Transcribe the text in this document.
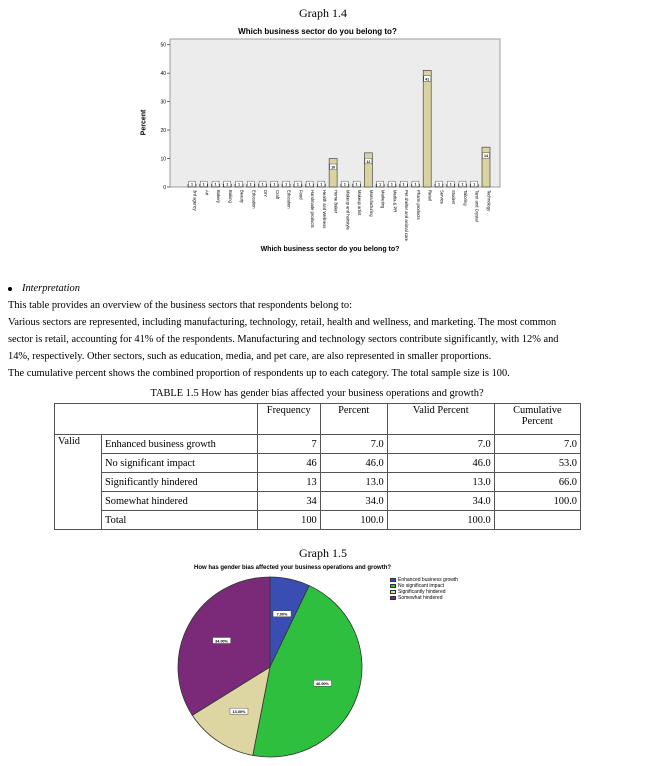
Graph 1.4
Which business sector do you belong to?
Percent
0
10
20
30
40
50
1
3rd agency
1
Art
1
Bakery
1
Baking
1
Beauty
1
Education
1
DIY
1
Craft
1
Education
1
Food
1
Handmade products
1
Health and Wellness
10
Home Baker
1
Makeup and hairstyle
1
Makeup artist
12
Manufacturing
1
Marketing
1
Media & PR
1
Pet shelter and animal care
1
Pharm products
41
Retail
1
Service
1
Student
1
Tailoring
1
Tarot and Crystal
14
Technology
Which business sector do you belong to?
Interpretation
This table provides an overview of the business sectors that respondents belong to:
Various sectors are represented, including manufacturing, technology, retail, health and wellness, and marketing. The most common
sector is retail, accounting for 41% of the respondents. Manufacturing and technology sectors contribute significantly, with 12% and
14%, respectively. Other sectors, such as education, media, and pet care, are also represented in smaller proportions.
The cumulative percent shows the combined proportion of respondents up to each category. The total sample size is 100.
TABLE 1.5 How has gender bias affected your business operations and growth?
		Frequency	Percent	Valid Percent	Cumulative Percent
Valid	Enhanced business growth	7	7.0	7.0	7.0
	No significant impact	46	46.0	46.0	53.0
	Significantly hindered	13	13.0	13.0	66.0
	Somewhat hindered	34	34.0	34.0	100.0
	Total	100	100.0	100.0	
Graph 1.5
How has gender bias affected your business operations and growth?
Enhanced business growth
No significant impact
Significantly hindered
Somewhat hindered
7.00%
46.00%
13.00%
34.00%
